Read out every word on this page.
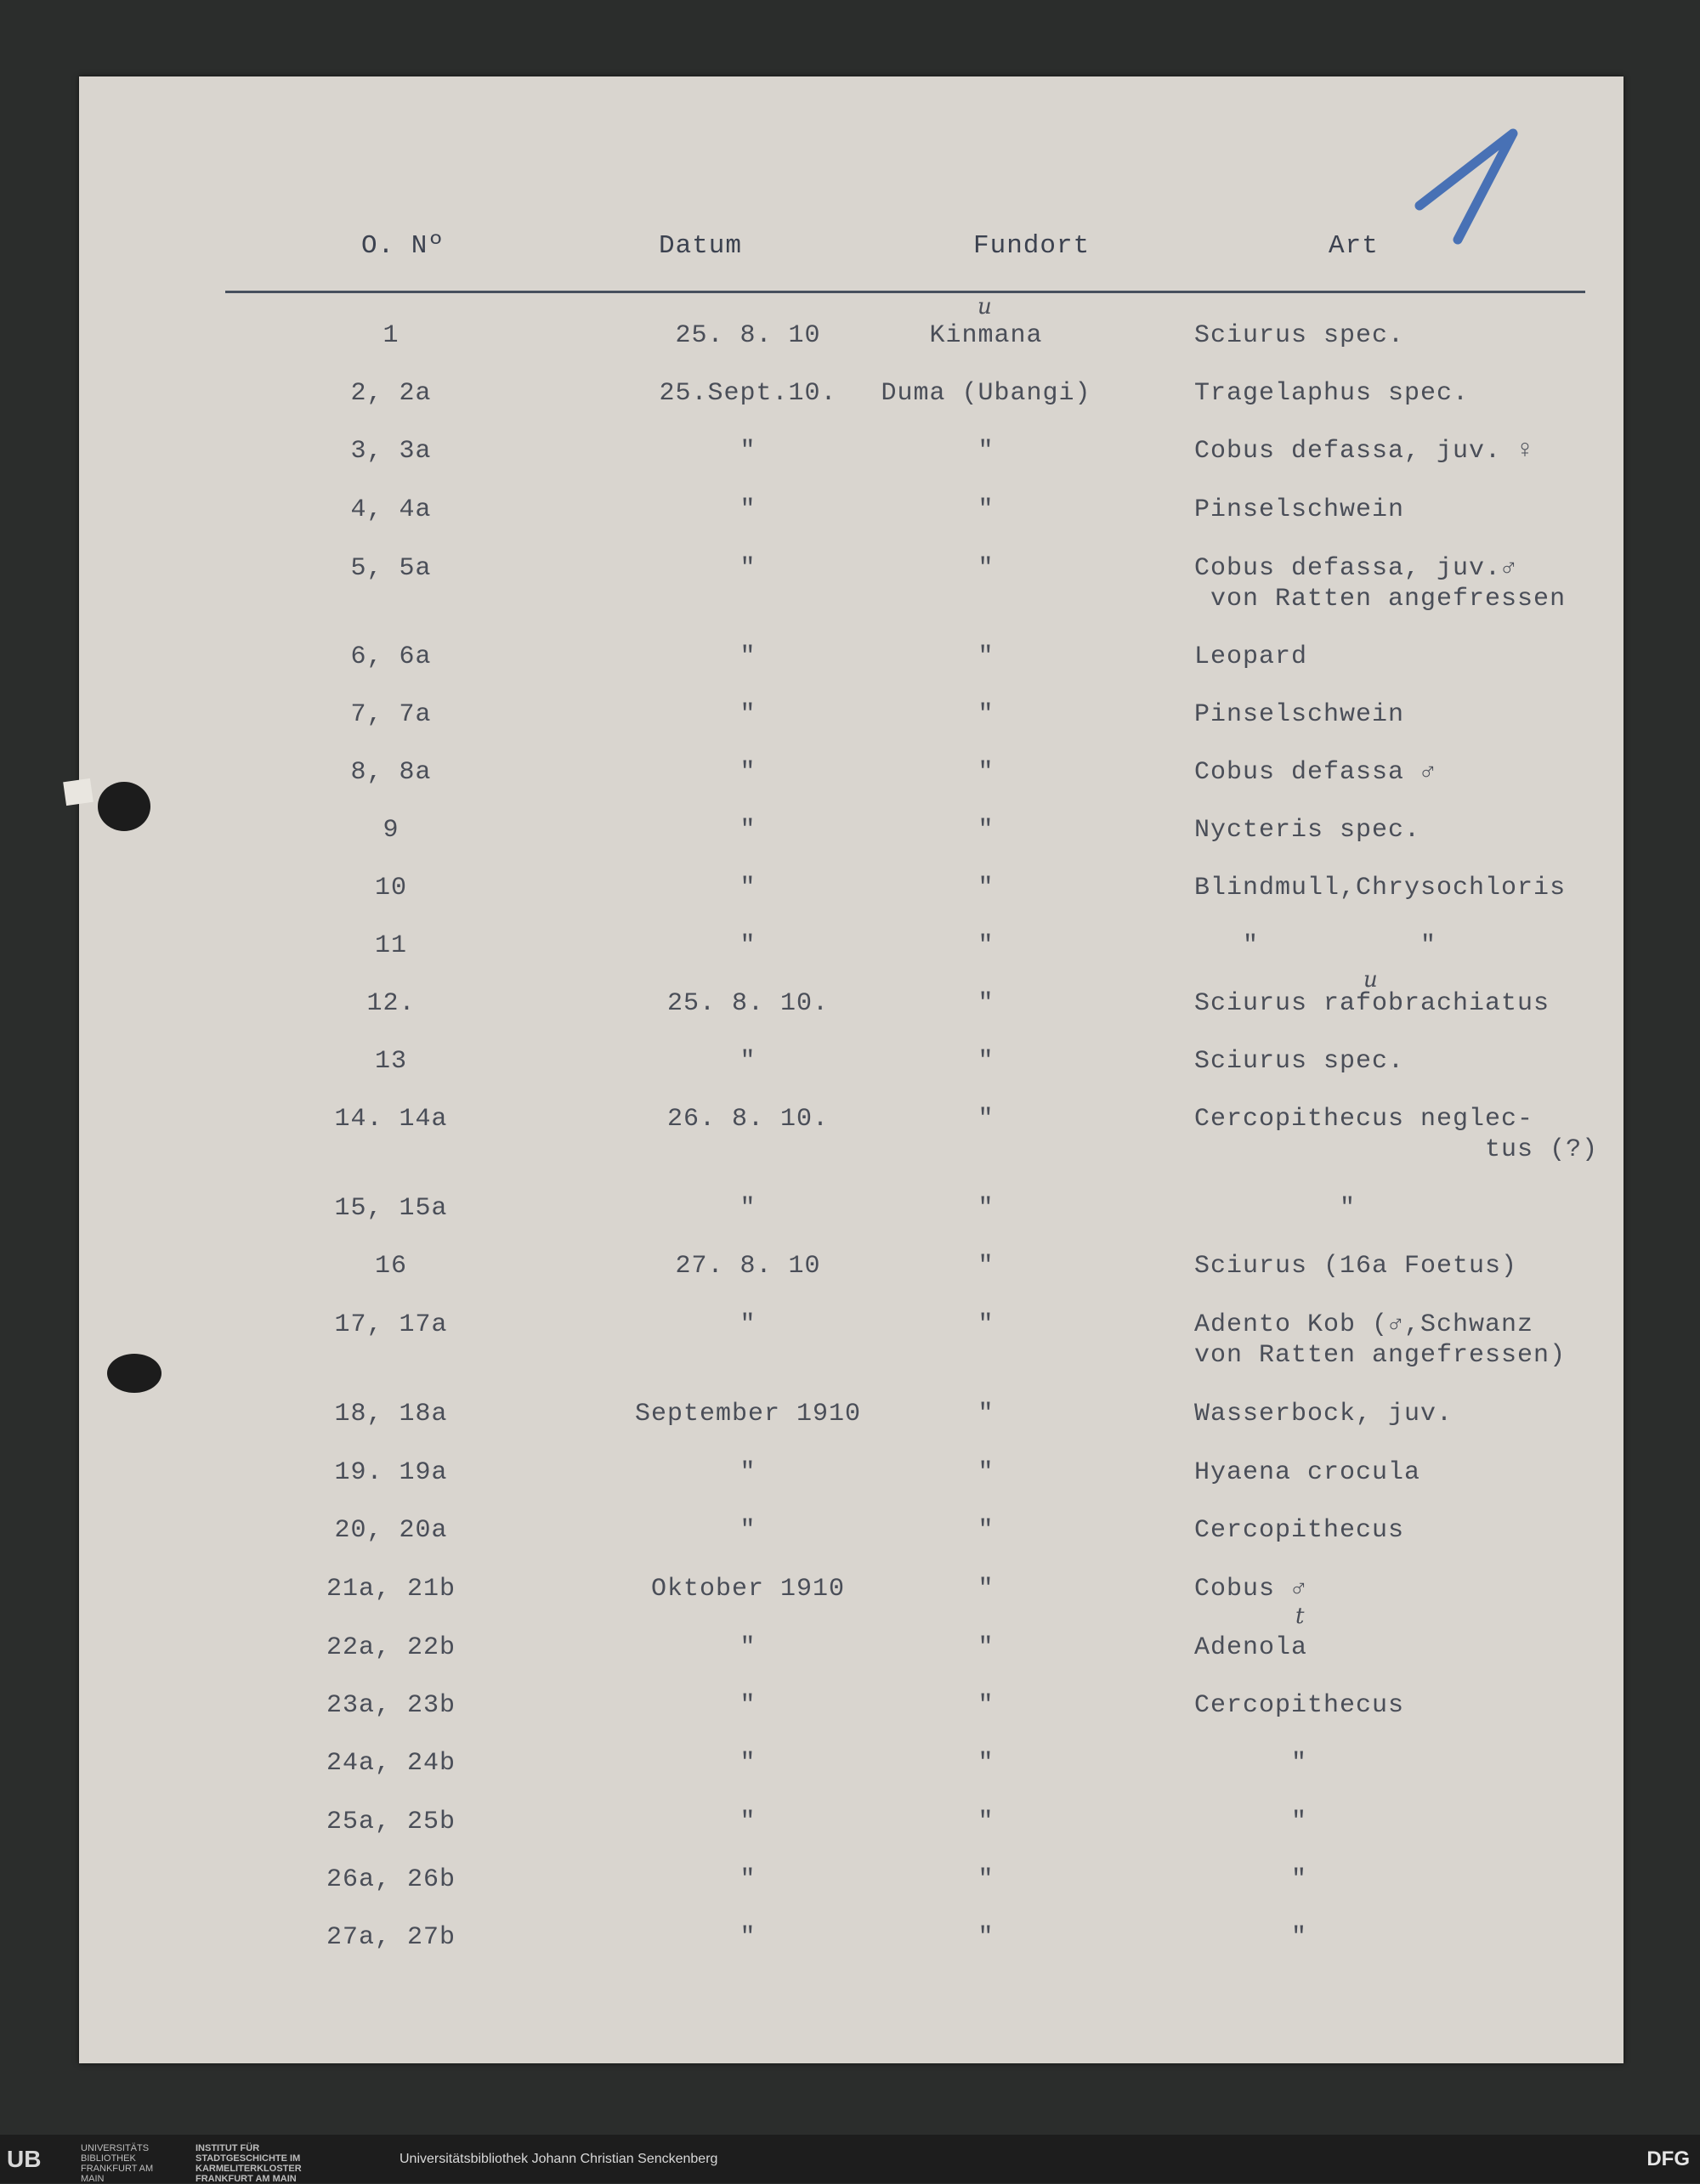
O. Nº	Datum	Fundort	Art
1	25. 8. 10	Kinmana	Sciurus spec.
2, 2a	25.Sept.10.	Duma (Ubangi)	Tragelaphus spec.
3, 3a	"	"	Cobus defassa, juv. ♀
4, 4a	"	"	Pinselschwein
5, 5a	"	"	Cobus defassa, juv.♂
von Ratten angefressen
6, 6a	"	"	Leopard
7, 7a	"	"	Pinselschwein
8, 8a	"	"	Cobus defassa ♂
9	"	"	Nycteris spec.
10	"	"	Blindmull,Chrysochloris
11	"	"	"          "
12.	25. 8. 10.	"	Sciurus rafobrachiatus
13	"	"	Sciurus spec.
14. 14a	26. 8. 10.	"	Cercopithecus neglec-
tus (?)
15, 15a	"	"	"
16	27. 8. 10	"	Sciurus (16a Foetus)
17, 17a	"	"	Adento Kob (♂,Schwanz
von Ratten angefressen)
18, 18a	September 1910	"	Wasserbock, juv.
19. 19a	"	"	Hyaena crocula
20, 20a	"	"	Cercopithecus
21a, 21b	Oktober 1910	"	Cobus ♂
22a, 22b	"	"	Adenola
23a, 23b	"	"	Cercopithecus
24a, 24b	"	"	"
25a, 25b	"	"	"
26a, 26b	"	"	"
27a, 27b	"	"	"
u
u
t
UB	UNIVERSITÄTS BIBLIOTHEK FRANKFURT AM MAIN
INSTITUT FÜR STADTGESCHICHTE IM KARMELITERKLOSTER FRANKFURT AM MAIN
Universitätsbibliothek Johann Christian Senckenberg	DFG
